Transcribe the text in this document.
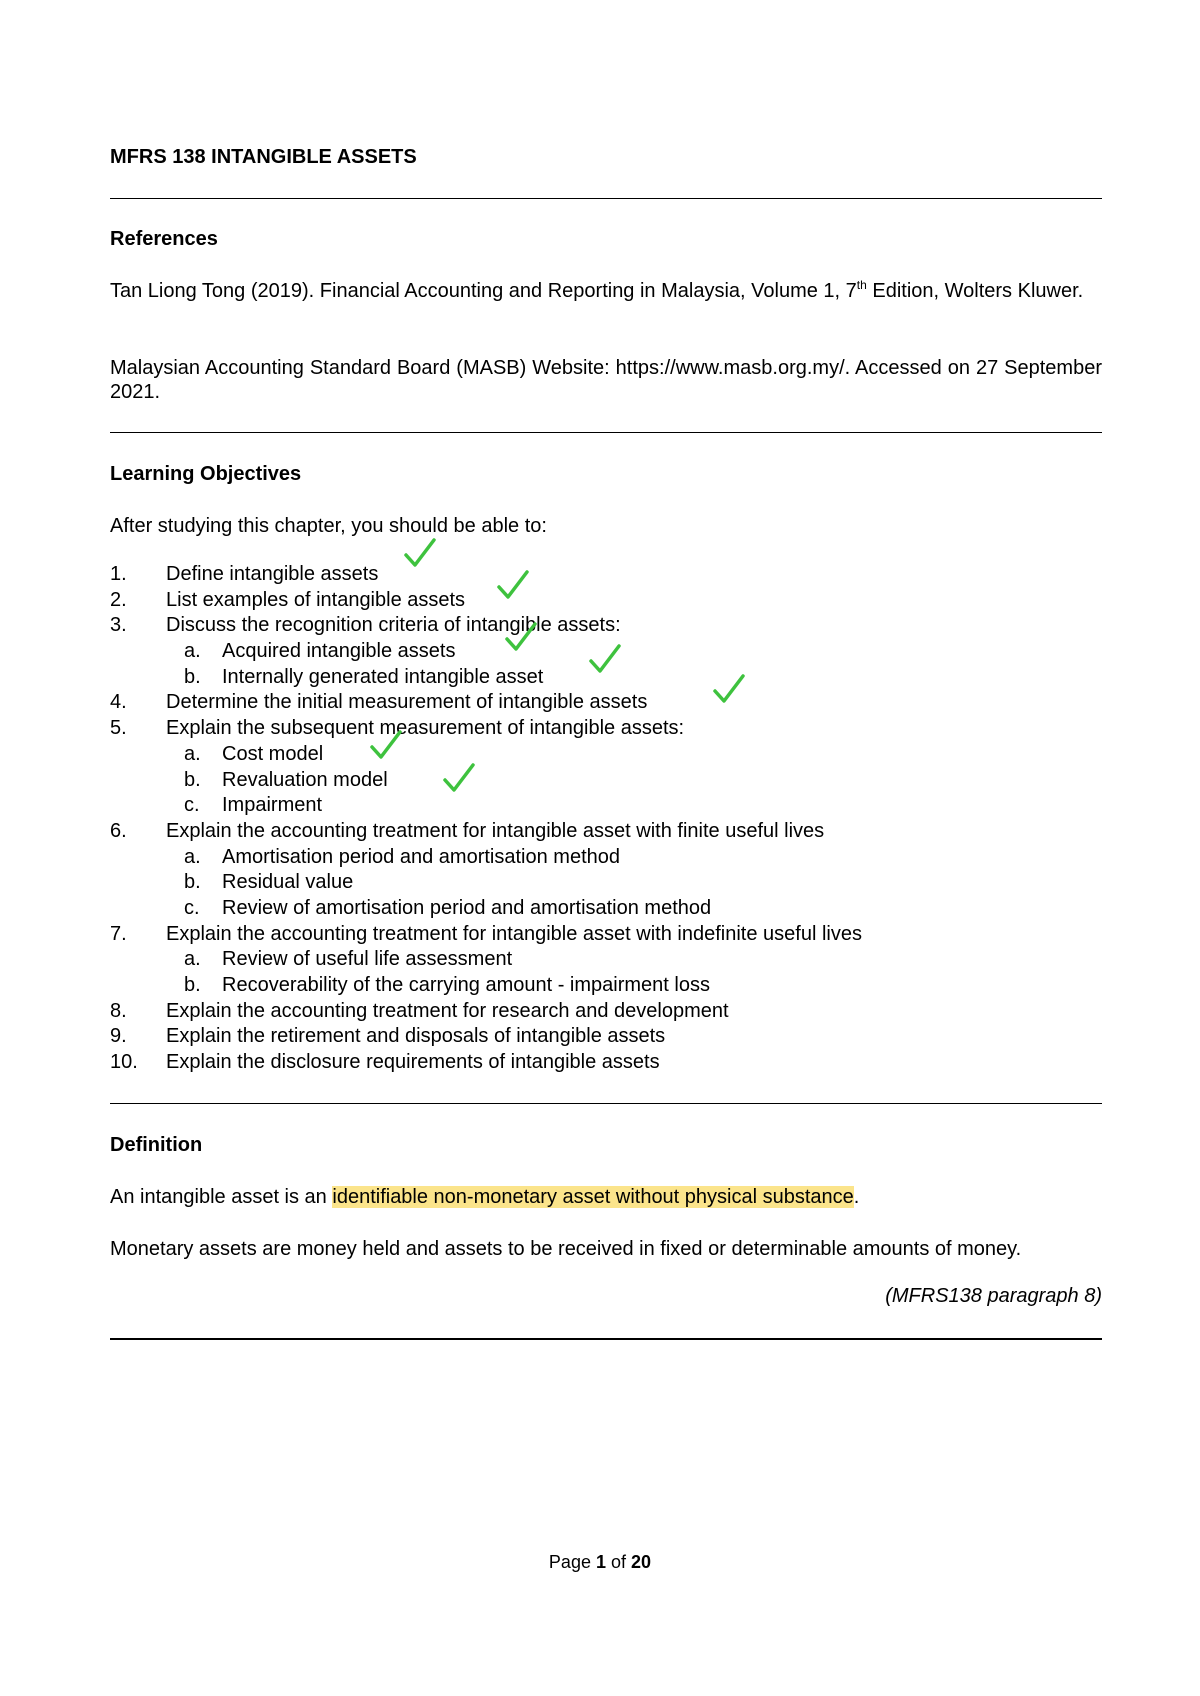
MFRS 138 INTANGIBLE ASSETS
References
Tan Liong Tong (2019). Financial Accounting and Reporting in Malaysia, Volume 1, 7th Edition, Wolters Kluwer.
Malaysian Accounting Standard Board (MASB) Website: https://www.masb.org.my/. Accessed on 27 September 2021.
Learning Objectives
After studying this chapter, you should be able to:
1. Define intangible assets
2. List examples of intangible assets
3. Discuss the recognition criteria of intangible assets:
a. Acquired intangible assets
b. Internally generated intangible asset
4. Determine the initial measurement of intangible assets
5. Explain the subsequent measurement of intangible assets:
a. Cost model
b. Revaluation model
c. Impairment
6. Explain the accounting treatment for intangible asset with finite useful lives
a. Amortisation period and amortisation method
b. Residual value
c. Review of amortisation period and amortisation method
7. Explain the accounting treatment for intangible asset with indefinite useful lives
a. Review of useful life assessment
b. Recoverability of the carrying amount - impairment loss
8. Explain the accounting treatment for research and development
9. Explain the retirement and disposals of intangible assets
10. Explain the disclosure requirements of intangible assets
Definition
An intangible asset is an identifiable non-monetary asset without physical substance.
Monetary assets are money held and assets to be received in fixed or determinable amounts of money.
(MFRS138 paragraph 8)
Page 1 of 20
